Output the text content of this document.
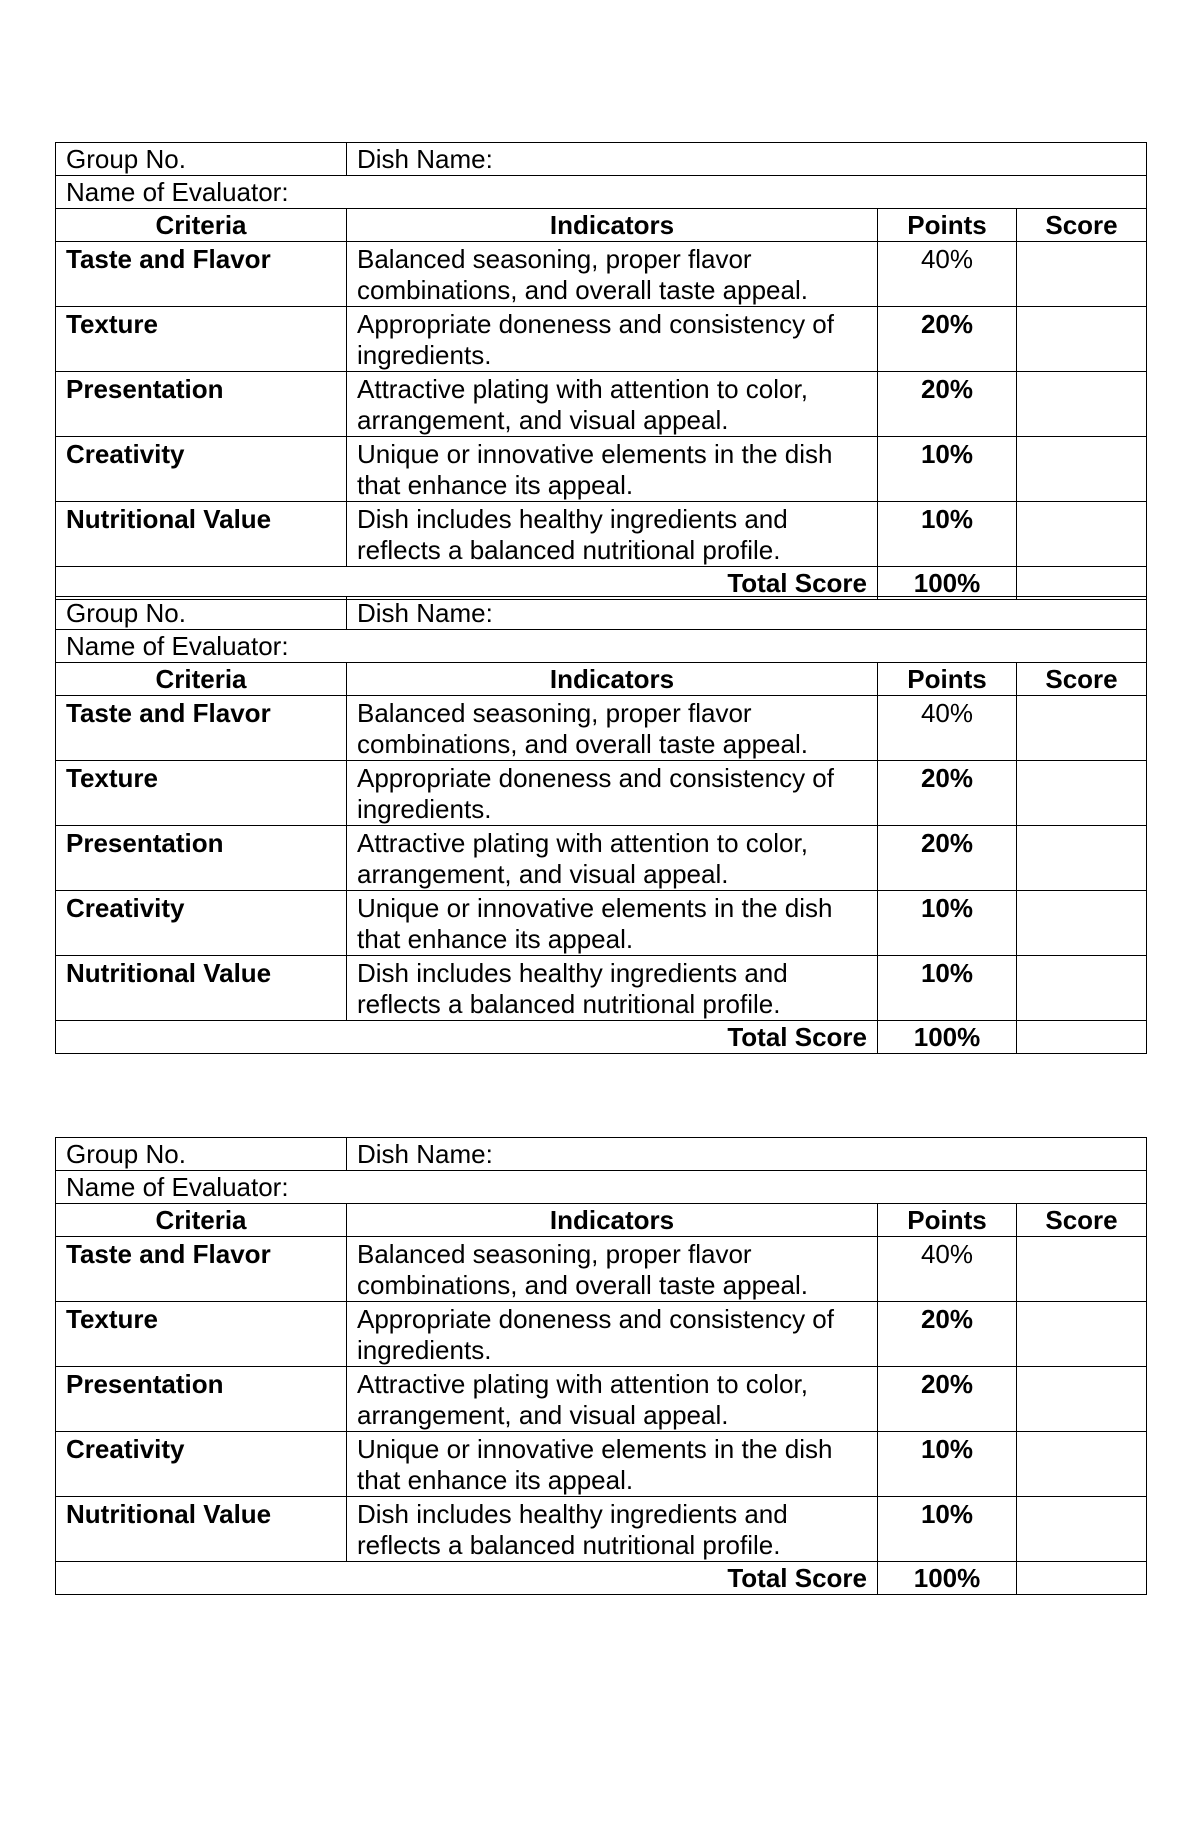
Group No.	Dish Name:		
Name of Evaluator:			
Criteria	Indicators	Points	Score
Taste and Flavor	Balanced seasoning, proper flavor combinations, and overall taste appeal.	40%	
Texture	Appropriate doneness and consistency of ingredients.	20%	
Presentation	Attractive plating with attention to color, arrangement, and visual appeal.	20%	
Creativity	Unique or innovative elements in the dish that enhance its appeal.	10%	
Nutritional Value	Dish includes healthy ingredients and reflects a balanced nutritional profile.	10%	
Total Score		100%	
Group No.	Dish Name:		
Name of Evaluator:			
Criteria	Indicators	Points	Score
Taste and Flavor	Balanced seasoning, proper flavor combinations, and overall taste appeal.	40%	
Texture	Appropriate doneness and consistency of ingredients.	20%	
Presentation	Attractive plating with attention to color, arrangement, and visual appeal.	20%	
Creativity	Unique or innovative elements in the dish that enhance its appeal.	10%	
Nutritional Value	Dish includes healthy ingredients and reflects a balanced nutritional profile.	10%	
Total Score		100%	
Group No.	Dish Name:		
Name of Evaluator:			
Criteria	Indicators	Points	Score
Taste and Flavor	Balanced seasoning, proper flavor combinations, and overall taste appeal.	40%	
Texture	Appropriate doneness and consistency of ingredients.	20%	
Presentation	Attractive plating with attention to color, arrangement, and visual appeal.	20%	
Creativity	Unique or innovative elements in the dish that enhance its appeal.	10%	
Nutritional Value	Dish includes healthy ingredients and reflects a balanced nutritional profile.	10%	
Total Score		100%	
